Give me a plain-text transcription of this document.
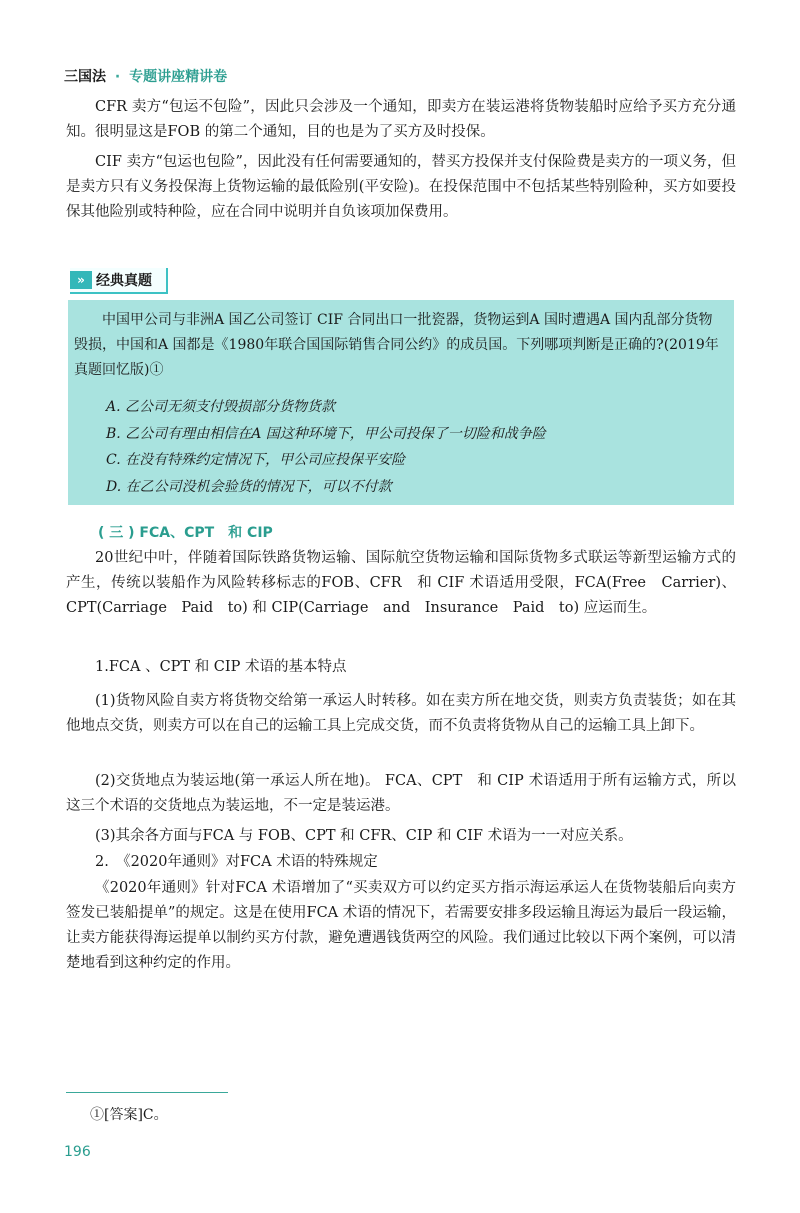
三国法 · 专题讲座精讲卷

CFR 卖方“包运不包险”，因此只会涉及一个通知，即卖方在装运港将货物装船时应给予买方充分通知。很明显这是FOB 的第二个通知，目的也是为了买方及时投保。

CIF 卖方“包运也包险”，因此没有任何需要通知的，替买方投保并支付保险费是卖方的一项义务，但是卖方只有义务投保海上货物运输的最低险别(平安险)。在投保范围中不包括某些特别险种，买方如要投保其他险别或特种险，应在合同中说明并自负该项加保费用。

» 经典真题

中国甲公司与非洲A 国乙公司签订 CIF 合同出口一批瓷器，货物运到A 国时遭遇A 国内乱部分货物毁损，中国和A 国都是《1980年联合国国际销售合同公约》的成员国。下列哪项判断是正确的?(2019年真题回忆版)①

A. 乙公司无须支付毁损部分货物货款
B. 乙公司有理由相信在A 国这种环境下，甲公司投保了一切险和战争险
C. 在没有特殊约定情况下，甲公司应投保平安险
D. 在乙公司没机会验货的情况下，可以不付款
( 三 ) FCA、CPT　和 CIP

20世纪中叶，伴随着国际铁路货物运输、国际航空货物运输和国际货物多式联运等新型运输方式的产生，传统以装船作为风险转移标志的FOB、CFR　和 CIF 术语适用受限，FCA(Free　Carrier)、CPT(Carriage　Paid　to) 和 CIP(Carriage　and　Insurance　Paid　to) 应运而生。

1.FCA 、CPT 和 CIP 术语的基本特点

(1)货物风险自卖方将货物交给第一承运人时转移。如在卖方所在地交货，则卖方负责装货；如在其他地点交货，则卖方可以在自己的运输工具上完成交货，而不负责将货物从自己的运输工具上卸下。

(2)交货地点为装运地(第一承运人所在地)。 FCA、CPT　和 CIP 术语适用于所有运输方式，所以这三个术语的交货地点为装运地，不一定是装运港。

(3)其余各方面与FCA 与 FOB、CPT 和 CFR、CIP 和 CIF 术语为一一对应关系。

2.　《2020年通则》对FCA 术语的特殊规定

《2020年通则》针对FCA 术语增加了“买卖双方可以约定买方指示海运承运人在货物装船后向卖方签发已装船提单”的规定。这是在使用FCA 术语的情况下，若需要安排多段运输且海运为最后一段运输，让卖方能获得海运提单以制约买方付款，避免遭遇钱货两空的风险。我们通过比较以下两个案例，可以清楚地看到这种约定的作用。

①[答案]C。
196
